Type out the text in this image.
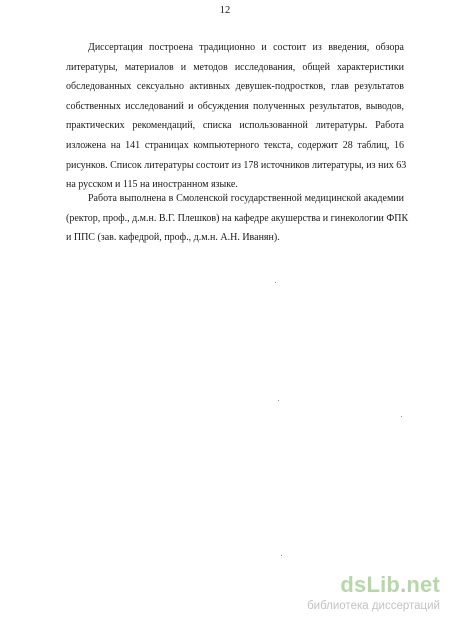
12
Диссертация построена традиционно и состоит из введения, обзора
литературы, материалов и методов исследования, общей характеристики
обследованных сексуально активных девушек-подростков, глав результатов
собственных исследований и обсуждения полученных результатов, выводов,
практических рекомендаций, списка использованной литературы. Работа
изложена на 141 страницах компьютерного текста, содержит 28 таблиц, 16
рисунков. Список литературы состоит из 178 источников литературы, из них 63
на русском и 115 на иностранном языке.
Работа выполнена в Смоленской государственной медицинской академии
(ректор, проф., д.м.н. В.Г. Плешков) на кафедре акушерства и гинекологии ФПК
и ППС (зав. кафедрой, проф., д.м.н. А.Н. Иванян).
dsLib.net
библиотека диссертаций
